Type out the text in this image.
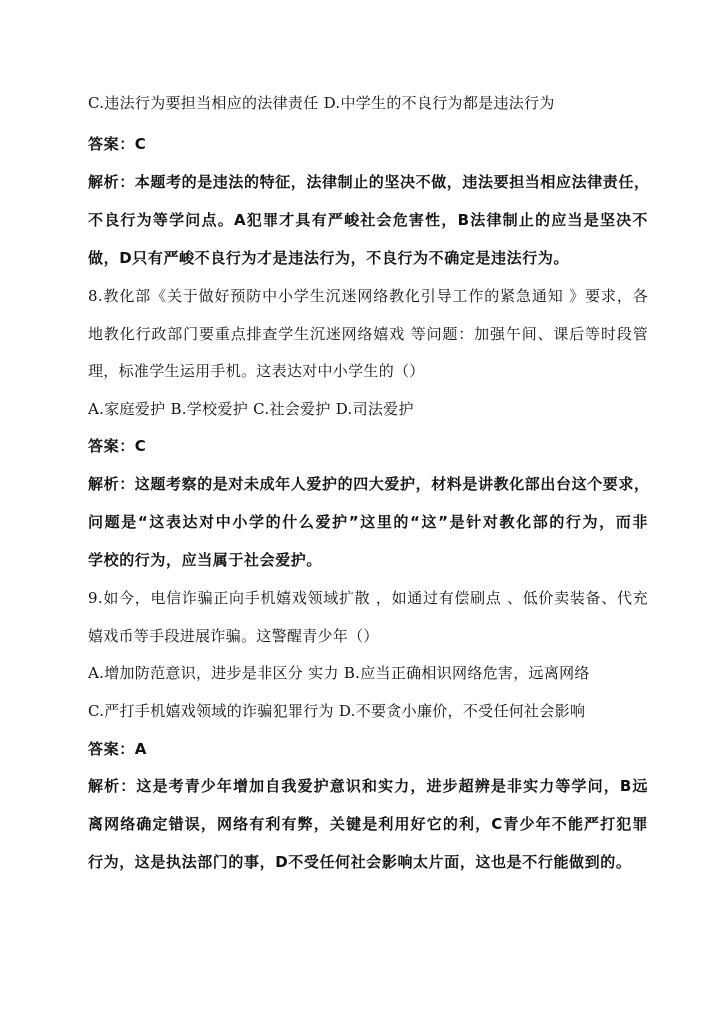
C.违法行为要担当相应的法律责任 D.中学生的不良行为都是违法行为
答案：C
解析：本题考的是违法的特征，法律制止的坚决不做，违法要担当相应法律责任，
不良行为等学问点。A犯罪才具有严峻社会危害性，B法律制止的应当是坚决不
做，D只有严峻不良行为才是违法行为，不良行为不确定是违法行为。
8.教化部《关于做好预防中小学生沉迷网络教化引导工作的紧急通知 》要求，各
地教化行政部门要重点排查学生沉迷网络嬉戏 等问题：加强午间、课后等时段管
理，标准学生运用手机。这表达对中小学生的（）
A.家庭爱护 B.学校爱护 C.社会爱护 D.司法爱护
答案：C
解析：这题考察的是对未成年人爱护的四大爱护，材料是讲教化部出台这个要求，
问题是“这表达对中小学的什么爱护”这里的“这”是针对教化部的行为，而非
学校的行为，应当属于社会爱护。
9.如今，电信诈骗正向手机嬉戏领域扩散 ，如通过有偿刷点 、低价卖装备、代充
嬉戏币等手段进展诈骗。这警醒青少年（）
A.增加防范意识，进步是非区分 实力 B.应当正确相识网络危害，远离网络
C.严打手机嬉戏领域的诈骗犯罪行为 D.不要贪小廉价，不受任何社会影响
答案：A
解析：这是考青少年增加自我爱护意识和实力，进步超辨是非实力等学问，B远
离网络确定错误，网络有利有弊，关键是利用好它的利，C青少年不能严打犯罪
行为，这是执法部门的事，D不受任何社会影响太片面，这也是不行能做到的。
